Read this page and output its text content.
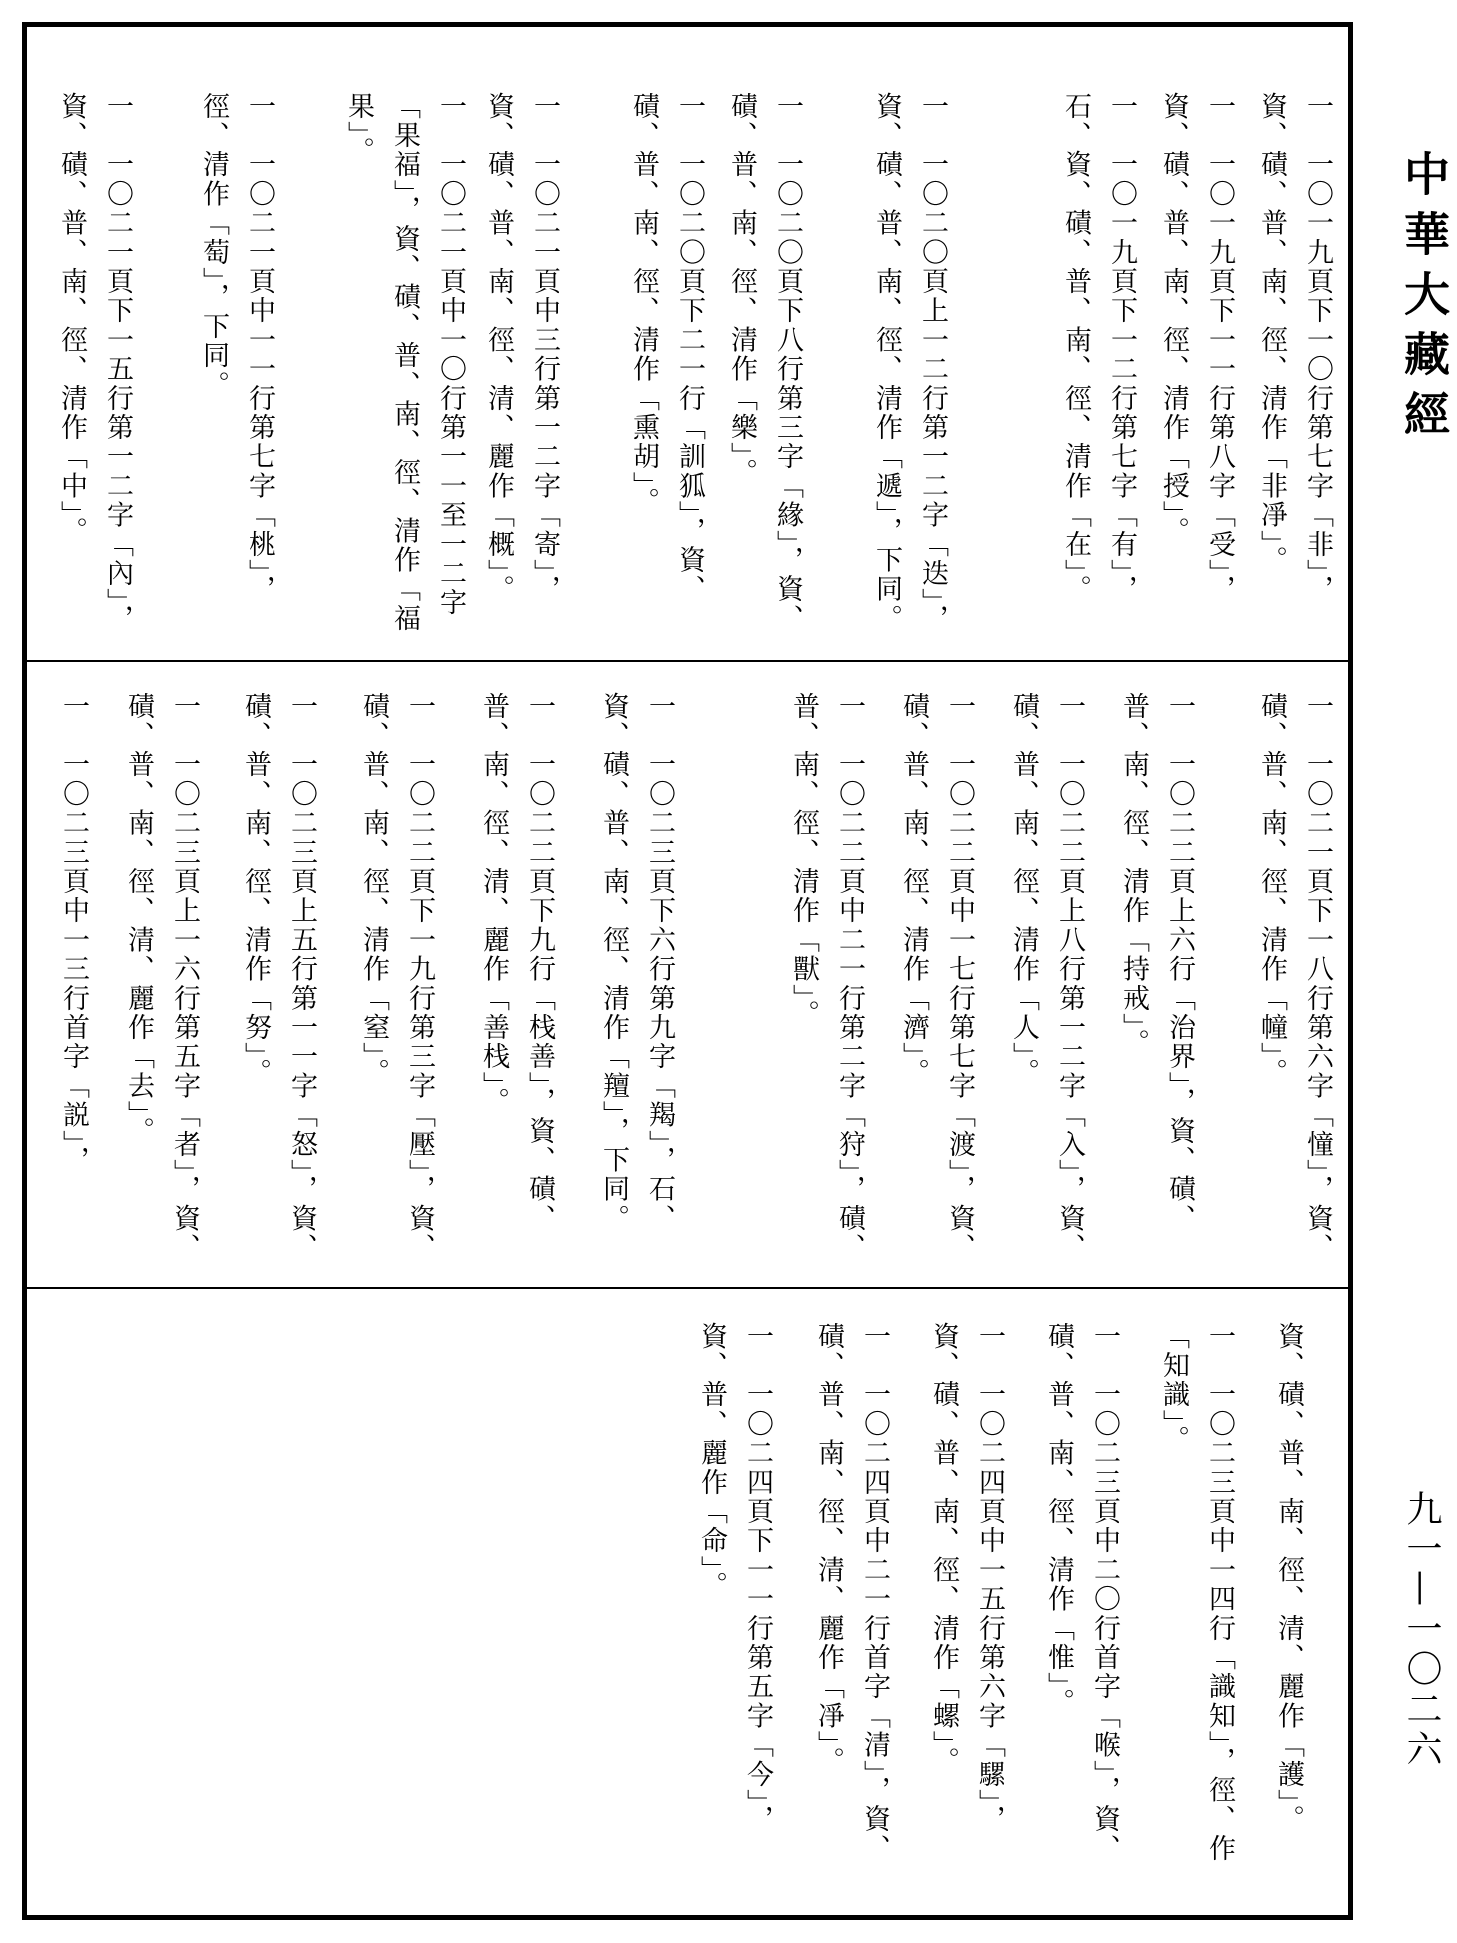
中華大藏經
九一—一〇二六
一　一〇一九頁下一〇行第七字「非」，資、磧、普、南、徑、清作「非凈」。
一　一〇一九頁下一一行第八字「受」，資、磧、普、南、徑、清作「授」。
一　一〇一九頁下一二行第七字「有」，石、資、磧、普、南、徑、清作「在」。
一　一〇二〇頁上一二行第一二字「迭」，資、磧、普、南、徑、清作「遞」，下同。
一　一〇二〇頁下八行第三字「緣」，資、磧、普、南、徑、清作「樂」。
一　一〇二〇頁下二一行「訓狐」，資、磧、普、南、徑、清作「熏胡」。
一　一〇二一頁中三行第一二字「寄」，資、磧、普、南、徑、清、麗作「概」。
一　一〇二一頁中一〇行第一一至一二字「果福」，資、磧、普、南、徑、清作「福果」。
一　一〇二一頁中一一行第七字「桃」，徑、清作「萄」，下同。
一　一〇二一頁下一五行第一二字「內」，資、磧、普、南、徑、清作「中」。
一　一〇二一頁下一八行第六字「憧」，資、磧、普、南、徑、清作「幢」。
一　一〇二二頁上六行「治界」，資、磧、普、南、徑、清作「持戒」。
一　一〇二二頁上八行第一二字「入」，資、磧、普、南、徑、清作「人」。
一　一〇二二頁中一七行第七字「渡」，資、磧、普、南、徑、清作「濟」。
一　一〇二二頁中二一行第二字「狩」，磧、普、南、徑、清作「獸」。
一　一〇二三頁下六行第九字「羯」，石、資、磧、普、南、徑、清作「羶」，下同。
一　一〇二二頁下九行「栈善」，資、磧、普、南、徑、清、麗作「善栈」。
一　一〇二二頁下一九行第三字「壓」，資、磧、普、南、徑、清作「窒」。
一　一〇二三頁上五行第一一字「怒」，資、磧、普、南、徑、清作「努」。
一　一〇二三頁上一六行第五字「者」，資、磧、普、南、徑、清、麗作「去」。
一　一〇二三頁中一三行首字「説」，
資、磧、普、南、徑、清、麗作「護」。
一　一〇二三頁中一四行「識知」，徑、作「知識」。
一　一〇二三頁中二〇行首字「喉」，資、磧、普、南、徑、清作「惟」。
一　一〇二四頁中一五行第六字「騾」，資、磧、普、南、徑、清作「螺」。
一　一〇二四頁中二一行首字「清」，資、磧、普、南、徑、清、麗作「凈」。
一　一〇二四頁下一一行第五字「今」，資、普、麗作「命」。
